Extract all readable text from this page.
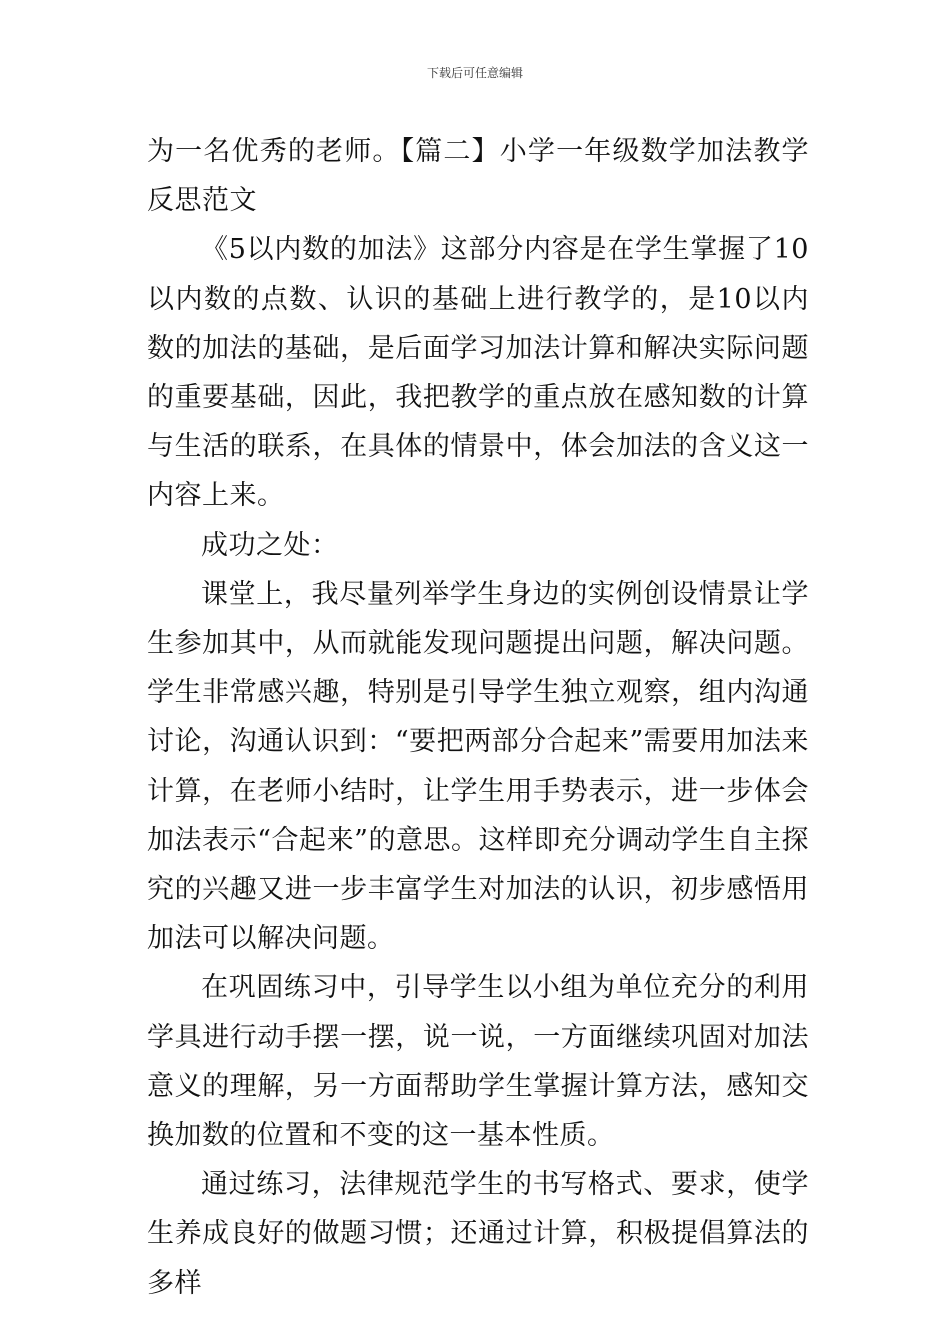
下载后可任意编辑

为一名优秀的老师。【篇二】小学一年级数学加法教学反思范文

《5以内数的加法》这部分内容是在学生掌握了10以内数的点数、认识的基础上进行教学的，是10以内数的加法的基础，是后面学习加法计算和解决实际问题的重要基础，因此，我把教学的重点放在感知数的计算与生活的联系，在具体的情景中，体会加法的含义这一内容上来。

成功之处：

课堂上，我尽量列举学生身边的实例创设情景让学生参加其中，从而就能发现问题提出问题，解决问题。学生非常感兴趣，特别是引导学生独立观察，组内沟通讨论，沟通认识到：“要把两部分合起来”需要用加法来计算，在老师小结时，让学生用手势表示，进一步体会加法表示“合起来”的意思。这样即充分调动学生自主探究的兴趣又进一步丰富学生对加法的认识，初步感悟用加法可以解决问题。

在巩固练习中，引导学生以小组为单位充分的利用学具进行动手摆一摆，说一说，一方面继续巩固对加法意义的理解，另一方面帮助学生掌握计算方法，感知交换加数的位置和不变的这一基本性质。

通过练习，法律规范学生的书写格式、要求，使学生养成良好的做题习惯；还通过计算，积极提倡算法的多样
